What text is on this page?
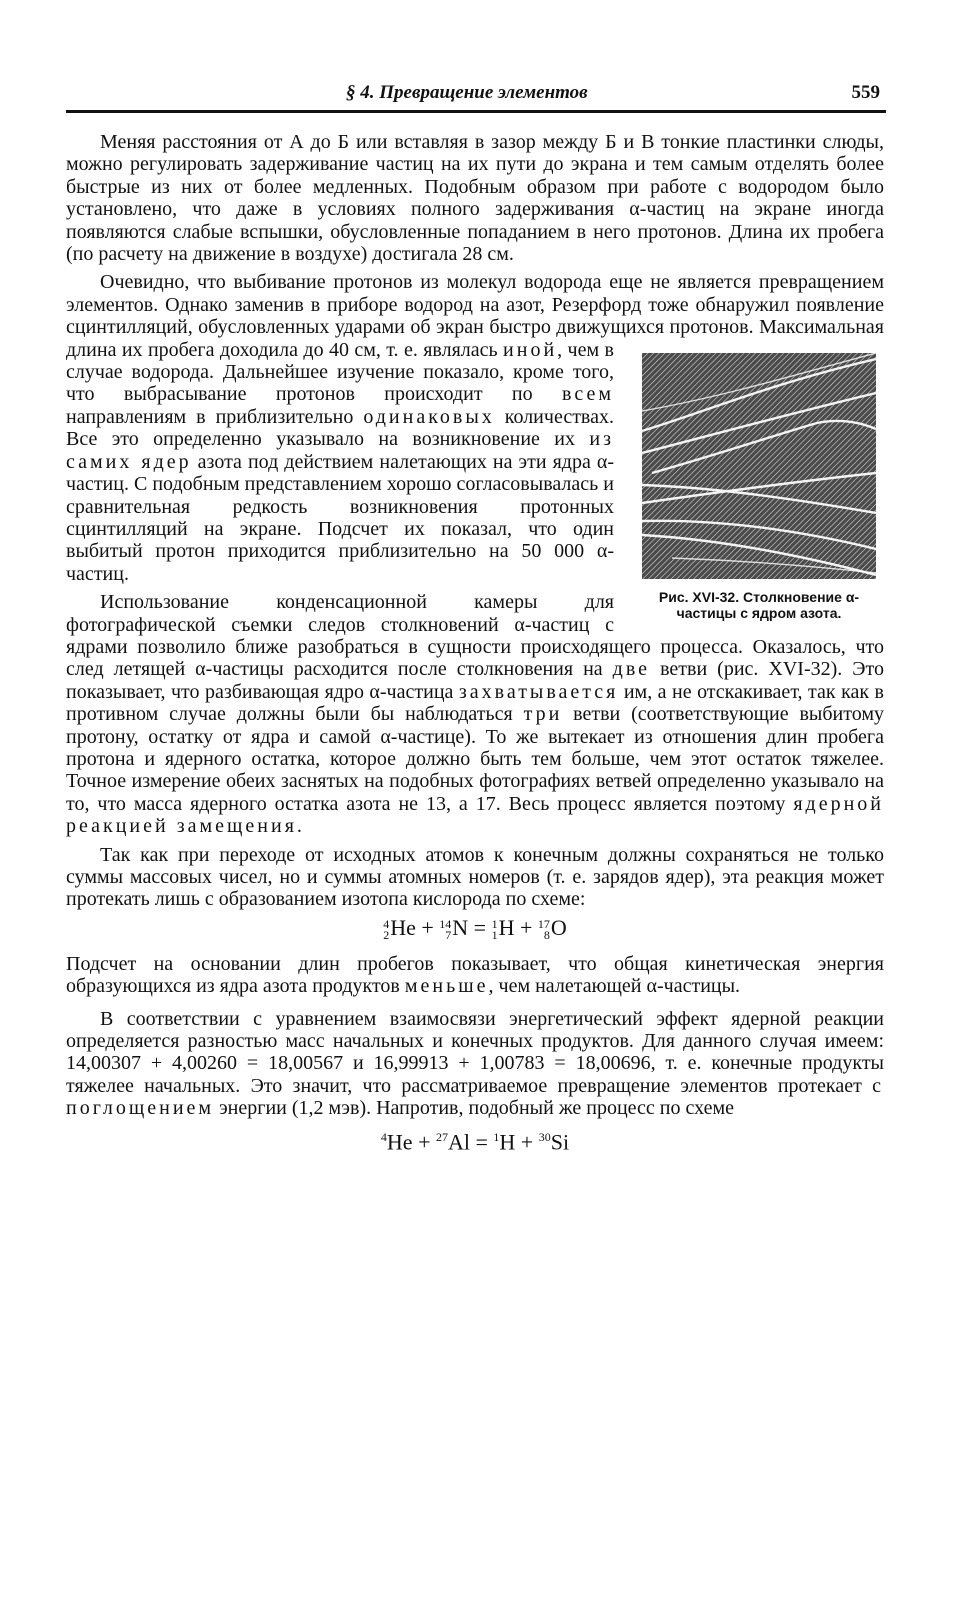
§ 4. Превращение элементов	559

Меняя расстояния от А до Б или вставляя в зазор между Б и В тонкие пластинки слюды, можно регулировать задерживание частиц на их пути до экрана и тем самым отделять более быстрые из них от более медленных. Подобным образом при работе с водородом было установлено, что даже в условиях полного задерживания α-частиц на экране иногда появляются слабые вспышки, обусловленные попаданием в него протонов. Длина их пробега (по расчету на движение в воздухе) достигала 28 см.

Очевидно, что выбивание протонов из молекул водорода еще не является превращением элементов. Однако заменив в приборе водород на азот, Резерфорд тоже обнаружил появление сцинтилляций, обусловленных ударами об экран быстро движущихся протонов. Максимальная длина их пробега доходила до 40 см, т. е. являлась
Рис. XVI-32. Столкновение α-частицы с ядром азота.
иной, чем в случае водорода. Дальнейшее изучение показало, кроме того, что выбрасывание протонов происходит по всем направлениям в приблизительно одинаковых количествах. Все это определенно указывало на возникновение их из самих ядер азота под действием налетающих на эти ядра α-частиц. С подобным представлением хорошо согласовывалась и сравнительная редкость возникновения протонных сцинтилляций на экране. Подсчет их показал, что один выбитый протон приходится приблизительно на 50 000 α-частиц.

Использование конденсационной камеры для фотографической съемки следов столкновений α-частиц с ядрами позволило ближе разобраться в сущности происходящего процесса. Оказалось, что след летящей α-частицы расходится после столкновения на две ветви (рис. XVI-32). Это показывает, что разбивающая ядро α-частица захватывается им, а не отскакивает, так как в противном случае должны были бы наблюдаться три ветви (соответствующие выбитому протону, остатку от ядра и самой α-частице). То же вытекает из отношения длин пробега протона и ядерного остатка, которое должно быть тем больше, чем этот остаток тяжелее. Точное измерение обеих заснятых на подобных фотографиях ветвей определенно указывало на то, что масса ядерного остатка азота не 13, а 17. Весь процесс является поэтому ядерной реакцией замещения.

Так как при переходе от исходных атомов к конечным должны сохраняться не только суммы массовых чисел, но и суммы атомных номеров (т. е. зарядов ядер), эта реакция может протекать лишь с образованием изотопа кислорода по схеме:

4
2 He + 14
7 N = 1
1 H + 17
8 O

Подсчет на основании длин пробегов показывает, что общая кинетическая энергия образующихся из ядра азота продуктов меньше, чем налетающей α-частицы.

В соответствии с уравнением взаимосвязи энергетический эффект ядерной реакции определяется разностью масс начальных и конечных продуктов. Для данного случая имеем: 14,00307 + 4,00260 = 18,00567 и 16,99913 + 1,00783 = 18,00696, т. е. конечные продукты тяжелее начальных. Это значит, что рассматриваемое превращение элементов протекает с поглощением энергии (1,2 мэв). Напротив, подобный же процесс по схеме

$^4$He + $^{27}$Al = $^1$H + $^{30}$Si
